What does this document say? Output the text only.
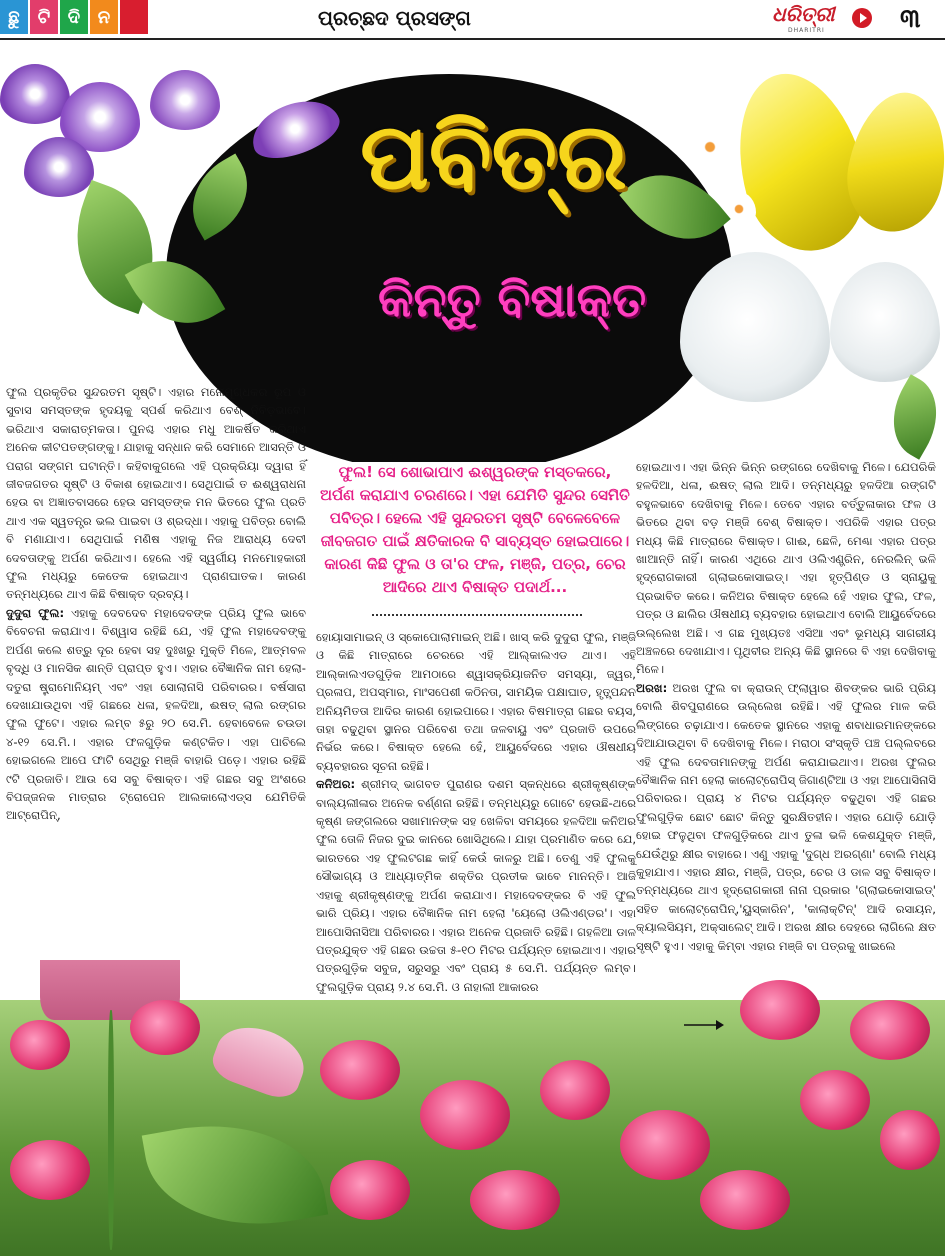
ଛୁ	ଟି ଦି ନ	ପ୍ରଚ୍ଛଦ ପ୍ରସଙ୍ଗ	ଧରିତ୍ରୀ
DHARITRI	୩
ପବିତ୍ର
କିନ୍ତୁ ବିଷାକ୍ତ

ଫୁଲ ପ୍ରକୃତିର ସୁନ୍ଦରତମ ସୃଷ୍ଟି। ଏହାର ମନୋମୁଗ୍ଧକର ରୂପ ଓ ସୁବାସ ସମସ୍ତଙ୍କ ହୃଦୟକୁ ସ୍ପର୍ଶ କରିଥାଏ ବେଶ୍ ନିବିଡ଼ଭାବେ। ଭରିଥାଏ ସକାରାତ୍ମକତା। ପୁନଶ୍ଚ ଏହାର ମଧୁ ଆକର୍ଷିତ କରିଥାଏ ଅନେକ କୀଟପତଙ୍ଗଙ୍କୁ। ଯାହାକୁ ସନ୍ଧାନ କରି ସେମାନେ ଆସନ୍ତି ଓ ପରାଗ ସଙ୍ଗମ ଘଟାନ୍ତି। କହିବାକୁଗଲେ ଏହି ପ୍ରକ୍ରିୟା ଦ୍ୱାରା ହିଁ ଜୀବଜଗତର ସୃଷ୍ଟି ଓ ବିକାଶ ହୋଇଥାଏ। ସେଥିପାଇଁ ତ ଈଶ୍ୱରାଧନା ହେଉ ବା ଅଜ୍ଞାତବାସରେ ହେଉ ସମସ୍ତଙ୍କ ମନ ଭିତରେ ଫୁଲ ପ୍ରତି ଥାଏ ଏକ ସ୍ୱତନ୍ତ୍ର ଭଲ ପାଇବା ଓ ଶ୍ରଦ୍ଧା। ଏହାକୁ ପବିତ୍ର ବୋଲି ବି ମଣାଯାଏ। ସେଥିପାଇଁ ମଣିଷ ଏହାକୁ ନିଜ ଆରାଧ୍ୟ ଦେବୀ ଦେବତାଙ୍କୁ ଅର୍ପଣ କରିଥାଏ। ହେଲେ ଏହି ସ୍ୱର୍ଗୀୟ ମନମୋହକାରୀ ଫୁଲ ମଧ୍ୟରୁ କେତେକ ହୋଇଥାଏ ପ୍ରାଣଘାତକ। କାରଣ ତନ୍ମଧ୍ୟରେ ଥାଏ କିଛି ବିଷାକ୍ତ ଦ୍ରବ୍ୟ।

ଦୁଦୁରା ଫୁଲ: ଏହାକୁ ଦେବଦେବ ମହାଦେବଙ୍କ ପ୍ରିୟ ଫୁଲ ଭାବେ ବିବେଚନା କରାଯାଏ। ବିଶ୍ୱାସ ରହିଛି ଯେ, ଏହି ଫୁଲ ମହାଦେବଙ୍କୁ ଅର୍ପଣ କଲେ ଶତ୍ରୁ ଦୂର ହେବା ସହ ଦୁଃଖରୁ ମୁକ୍ତି ମିଳେ, ଆତ୍ମବଳ ବୃଦ୍ଧି ଓ ମାନସିକ ଶାନ୍ତି ପ୍ରାପ୍ତ ହୁଏ। ଏହାର ବୈଜ୍ଞାନିକ ନାମ ହେଲା-ଦତୁରା ଷ୍ଟ୍ରାମୋନିୟମ୍ ଏବଂ ଏହା ସୋଲାନାସି ପରିବାରର। ବର୍ଷସାରା ଦେଖାଯାଉଥିବା ଏହି ଗଛରେ ଧଳା, ହଳଦିଆ, ଈଷତ୍ ଲାଲ ରଙ୍ଗର ଫୁଲ ଫୁଟେ। ଏହାର ଲମ୍ବ ୫ରୁ ୨୦ ସେ.ମି. ହେବାବେଳେ ଚଉଡା ୪-୧୨ ସେ.ମି.। ଏହାର ଫଳଗୁଡ଼ିକ କଣ୍ଟକିତ। ଏହା ପାଚିଲେ ହୋଇଗଲେ ଆପେ ଫାଟି ସେଥିରୁ ମଞ୍ଜି ବାହାରି ପଡ଼େ। ଏହାର ରହିଛି ୯ଟି ପ୍ରଜାତି। ଆଉ ସେ ସବୁ ବିଷାକ୍ତ। ଏହି ଗଛର ସବୁ ଅଂଶରେ ବିପଜ୍ଜନକ ମାତ୍ରାର ଟ୍ରୋପେନ ଆଲକାଲୋଏଡ୍ସ ଯେମିତିକି ଆଟ୍ରୋପିନ୍,

ଫୁଲ! ସେ ଶୋଭାପାଏ ଈଶ୍ୱରଙ୍କ ମସ୍ତକରେ, ଅର୍ପଣ କରାଯାଏ ଚରଣରେ। ଏହା ଯେମିତି ସୁନ୍ଦର ସେମିତି ପବିତ୍ର। ହେଲେ ଏହି ସୁନ୍ଦରତମ ସୃଷ୍ଟି ବେଳେବେଳେ ଜୀବଜଗତ ପାଇଁ କ୍ଷତିକାରକ ବି ସାବ୍ୟସ୍ତ ହୋଇପାରେ। କାରଣ କିଛି ଫୁଲ ଓ ତା'ର ଫଳ, ମଞ୍ଜି, ପତ୍ର, ଚେର ଆଦିରେ ଥାଏ ବିଷାକ୍ତ ପଦାର୍ଥ...

ହୋୟାସାମାଇନ୍ ଓ ସ୍କୋପୋଲାମାଇନ୍ ଅଛି। ଖାସ୍ କରି ଦୁଦୁରା ଫୁଲ, ମଞ୍ଜି ଓ କିଛି ମାତ୍ରାରେ ଚେରରେ ଏହି ଆଲ୍କାଲଏଡ ଥାଏ। ଏହି ଆଲ୍କାଲଏଡଗୁଡ଼ିକ ଆମଠାରେ ଶ୍ୱାସକ୍ରିୟାଜନିତ ସମସ୍ୟା, ଜ୍ୱର, ପ୍ରଳାପ, ଅପସ୍ମାର, ମାଂସପେଶୀ କଠିନତା, ସାମୟିକ ପକ୍ଷାଘାତ, ହୃତ୍ସ୍ପନ୍ଦନ ଅନିୟମିତତା ଆଦିର କାରଣ ହୋଇପାରେ। ଏହାର ବିଷମାତ୍ରା ଗଛର ବୟସ, ତାହା ବଢୁଥିବା ସ୍ଥାନର ପରିବେଶ ତଥା ଜଳବାୟୁ ଏବଂ ପ୍ରଜାତି ଉପରେ ନିର୍ଭର କରେ। ବିଷାକ୍ତ ହେଲେ ହେଁ, ଆୟୁର୍ବେଦରେ ଏହାର ଔଷଧୀୟ ବ୍ୟବହାରର ସୂଚନା ରହିଛି।

କନିଅର: ଶ୍ରୀମଦ୍ ଭାଗବତ ପୁରାଣର ଦଶମ ସ୍କନ୍ଧରେ ଶ୍ରୀକୃଷ୍ଣଙ୍କ ବାଲ୍ୟଲୀଳାର ଅନେକ ବର୍ଣ୍ଣନା ରହିଛି। ତନ୍ମଧ୍ୟରୁ ଗୋଟେ ହେଉଛି-ଥରେ କୃଷ୍ଣ ଜଙ୍ଗଲରେ ସଖାମାନଙ୍କ ସହ ଖେଳିବା ସମୟରେ ହଳଦିଆ କନିଅର ଫୁଲ ତୋଳି ନିଜର ଦୁଇ କାନରେ ଖୋସିଥିଲେ। ଯାହା ପ୍ରମାଣିତ କରେ ଯେ, ଭାରତରେ ଏହ ଫୁଲଟଗଛ କାହିଁ କେଉଁ କାଳରୁ ଅଛି। ତେଣୁ ଏହି ଫୁଲକୁ ସୌଭାଗ୍ୟ ଓ ଆଧ୍ୟାତ୍ମିକ ଶକ୍ତିର ପ୍ରତୀକ ଭାବେ ମାନନ୍ତି। ଆଜି ଏହାକୁ ଶ୍ରୀକୃଷ୍ଣଙ୍କୁ ଅର୍ପଣ କରାଯାଏ। ମହାଦେବଙ୍କର ବି ଏହି ଫୁଲ ଭାରି ପ୍ରିୟ। ଏହାର ବୈଜ୍ଞାନିକ ନାମ ହେଲା 'ୟେଲୋ ଓଲିଏଣ୍ଡର'। ଏହା ଆପୋସିନାସିଆ ପରିବାରର। ଏହାର ଅନେକ ପ୍ରଜାତି ରହିଛି। ଗହଳିଆ ଡାଳ ପତ୍ରଯୁକ୍ତ ଏହି ଗଛର ଉଚ୍ଚତା ୫-୧୦ ମିଟର ପର୍ଯ୍ୟନ୍ତ ହୋଇଥାଏ। ଏହାର ପତ୍ରଗୁଡ଼ିକ ସବୁଜ, ସରୁସରୁ ଏବଂ ପ୍ରାୟ ୫ ସେ.ମି. ପର୍ଯ୍ୟନ୍ତ ଲମ୍ବ। ଫୁଲଗୁଡ଼ିକ ପ୍ରାୟ ୨.୪ ସେ.ମି. ଓ ନାହାଲୀ ଆକାରର

ହୋଇଥାଏ। ଏହା ଭିନ୍ନ ଭିନ୍ନ ରଙ୍ଗରେ ଦେଖିବାକୁ ମିଳେ। ଯେପରିକି ହଳଦିଆ, ଧଳା, ଈଷତ୍ ଲାଲ ଆଦି। ତନ୍ମଧ୍ୟରୁ ହଳଦିଆ ରଙ୍ଗଟି ବହୁଳଭାବେ ଦେଖିବାକୁ ମିଳେ। ତେବେ ଏହାର ବର୍ତ୍ତୁଳାକାର ଫଳ ଓ ଭିତରେ ଥିବା ବଡ଼ ମଞ୍ଜି ବେଶ୍ ବିଷାକ୍ତ। ଏପରିକି ଏହାର ପତ୍ର ମଧ୍ୟ କିଛି ମାତ୍ରାରେ ବିଷାକ୍ତ। ଗାଈ, ଛେଳି, ମେଣ୍ଢା ଏହାର ପତ୍ର ଖାଆନ୍ତି ନାହିଁ। କାରଣ ଏଥିରେ ଥାଏ ଓଲିଏଣ୍ଡ୍ରିନ, ନେରଲିନ୍ ଭଳି ହୃଦ୍‌ରୋଗକାରୀ ଗ୍ଲାଇକୋସାଇଡ୍। ଏହା ହୃତ୍‌ପିଣ୍ଡ ଓ ସ୍ନାୟୁକୁ ପ୍ରଭାବିତ କରେ। କନିଅର ବିଷାକ୍ତ ହେଲେ ହେଁ ଏହାର ଫୁଲ, ଫଳ, ପତ୍ର ଓ ଛାଲିର ଔଷଧୀୟ ବ୍ୟବହାର ହୋଇଥାଏ ବୋଲି ଆୟୁର୍ବେଦରେ ଉଲ୍ଲେଖ ଅଛି। ଏ ଗଛ ମୁଖ୍ୟତଃ ଏସିଆ ଏବଂ ଭୂମଧ୍ୟ ସାଗରୀୟ ଅଞ୍ଚଳରେ ଦେଖାଯାଏ। ପୃଥିବୀର ଅନ୍ୟ କିଛି ସ୍ଥାନରେ ବି ଏହା ଦେଖିବାକୁ ମିଳେ।

ଅରଖ: ଅରଖ ଫୁଲ ବା କ୍ରାଉନ୍ ଫ୍ଲାୱାର ଶିବଙ୍କର ଭାରି ପ୍ରିୟ ବୋଲି ଶିବପୁରାଣରେ ଉଲ୍ଲେଖ ରହିଛି। ଏହି ଫୁଲର ମାଳ କରି ଲିଙ୍ଗରେ ଚଢ଼ାଯାଏ। କେତେକ ସ୍ଥାନରେ ଏହାକୁ ଶବାଧାରମାନଙ୍କରେ ଦିଆଯାଉଥିବା ବି ଦେଖିବାକୁ ମିଳେ। ମରାଠା ସଂସ୍କୃତି ପଞ୍ଚ ପଲ୍ଲବରେ ଏହି ଫୁଲ ଦେବତାମାନଙ୍କୁ ଅର୍ପଣ କରାଯାଇଥାଏ। ଅରଖ ଫୁଲର ବୈଜ୍ଞାନିକ ନାମ ହେଲା କାଲୋଟ୍ରୋପିସ୍ ଜିଗାଣ୍ଟିଆ ଓ ଏହା ଆପୋସିନାସି ପରିବାରର। ପ୍ରାୟ ୪ ମିଟର ପର୍ଯ୍ୟନ୍ତ ବଢୁଥିବା ଏହି ଗଛର ଫୁଲଗୁଡ଼ିକ ଛୋଟ ଛୋଟ କିନ୍ତୁ ସୁରକ୍ଷିତହୀନ। ଏହାର ଯୋଡ଼ି ଯୋଡ଼ି ହୋଇ ଫଳୁଥିବା ଫଳଗୁଡ଼ିକରେ ଥାଏ ତୁଳା ଭଳି କେଶଯୁକ୍ତ ମଞ୍ଜି, ଯେଉଁଥିରୁ କ୍ଷୀର ବାହାରେ। ଏଣୁ ଏହାକୁ 'ଦୁଗ୍ଧ ଅରଗ୍ଣା' ବୋଲି ମଧ୍ୟ କୁହାଯାଏ। ଏହାର କ୍ଷୀର, ମଞ୍ଜି, ପତ୍ର, ଚେର ଓ ଡାଳ ସବୁ ବିଷାକ୍ତ। ତନ୍ମଧ୍ୟରେ ଥାଏ ହୃଦ୍‌ରୋଗକାରୀ ନାନା ପ୍ରକାର 'ଗ୍ଲାଇକୋସାଇଡ୍' ସହିତ କାଲୋଟ୍ରୋପିନ୍,'ୟୁସ୍କାରିନ', 'କାଲାକ୍ଟିନ୍' ଆଦି ରସାୟନ, କ୍ୟାଲସିୟମ, ଅକ୍ସାଲେଟ୍ ଆଦି। ଅରଖ କ୍ଷୀର ଦେହରେ ଲାଗିଲେ କ୍ଷତ ସୃଷ୍ଟି ହୁଏ। ଏହାକୁ କିମ୍ବା ଏହାର ମଞ୍ଜି ବା ପତ୍ରକୁ ଖାଇଲେ
